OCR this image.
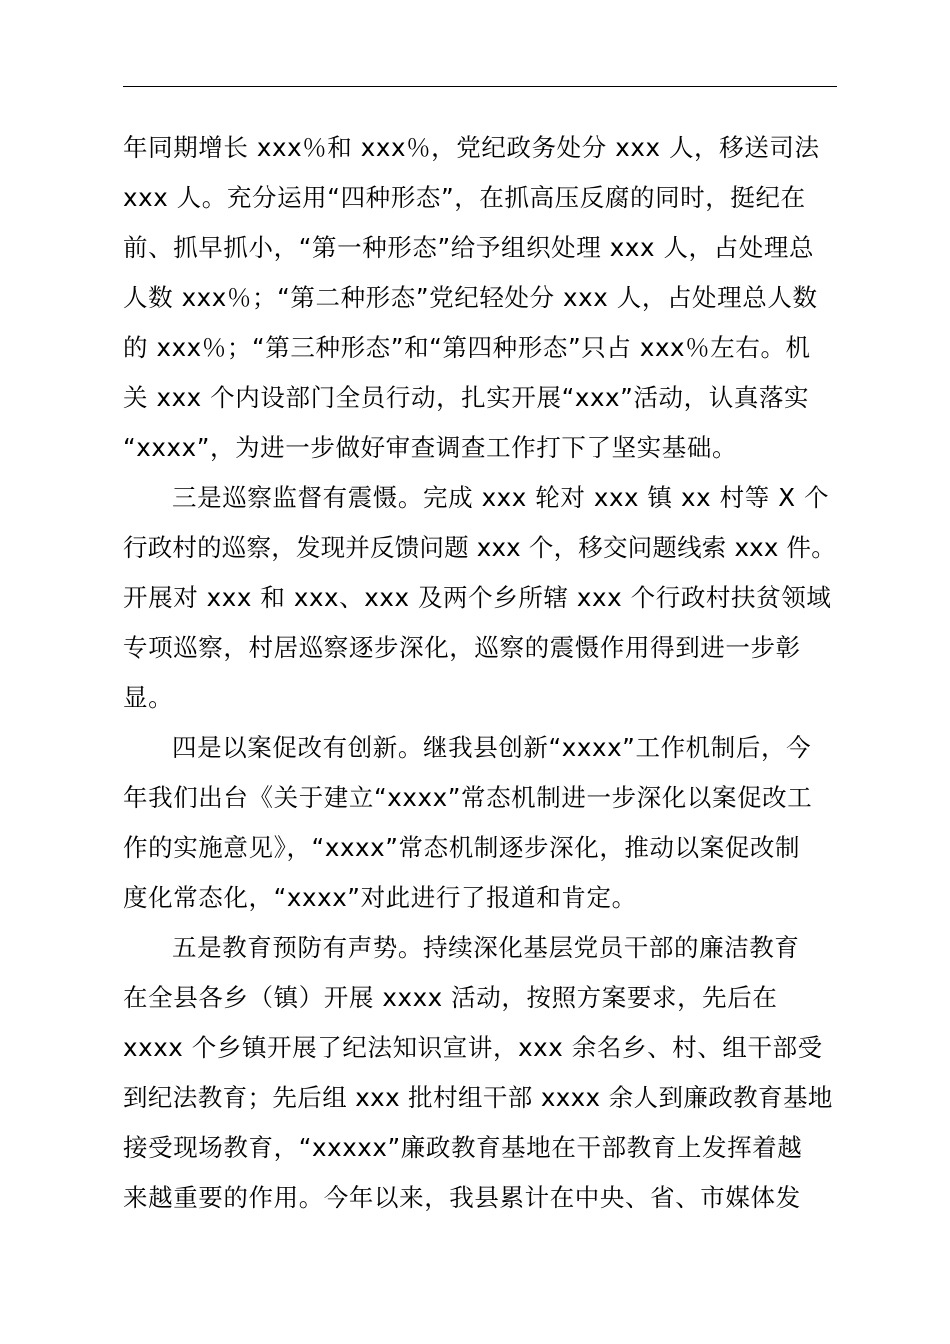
年同期增长 xxx％和 xxx％，党纪政务处分 xxx 人，移送司法
xxx 人。充分运用“四种形态”，在抓高压反腐的同时，挺纪在
前、抓早抓小，“第一种形态”给予组织处理 xxx 人，占处理总
人数 xxx％；“第二种形态”党纪轻处分 xxx 人，占处理总人数
的 xxx％；“第三种形态”和“第四种形态”只占 xxx％左右。机
关 xxx 个内设部门全员行动，扎实开展“xxx”活动，认真落实
“xxxx”，为进一步做好审查调查工作打下了坚实基础。
三是巡察监督有震慑。完成 xxx 轮对 xxx 镇 xx 村等 X 个
行政村的巡察，发现并反馈问题 xxx 个，移交问题线索 xxx 件。
开展对 xxx 和 xxx、xxx 及两个乡所辖 xxx 个行政村扶贫领域
专项巡察，村居巡察逐步深化，巡察的震慑作用得到进一步彰
显。
四是以案促改有创新。继我县创新“xxxx”工作机制后，今
年我们出台《关于建立“xxxx”常态机制进一步深化以案促改工
作的实施意见》，“xxxx”常态机制逐步深化，推动以案促改制
度化常态化，“xxxx”对此进行了报道和肯定。
五是教育预防有声势。持续深化基层党员干部的廉洁教育
在全县各乡（镇）开展 xxxx 活动，按照方案要求，先后在
xxxx 个乡镇开展了纪法知识宣讲，xxx 余名乡、村、组干部受
到纪法教育；先后组 xxx 批村组干部 xxxx 余人到廉政教育基地
接受现场教育，“xxxxx”廉政教育基地在干部教育上发挥着越
来越重要的作用。今年以来，我县累计在中央、省、市媒体发
